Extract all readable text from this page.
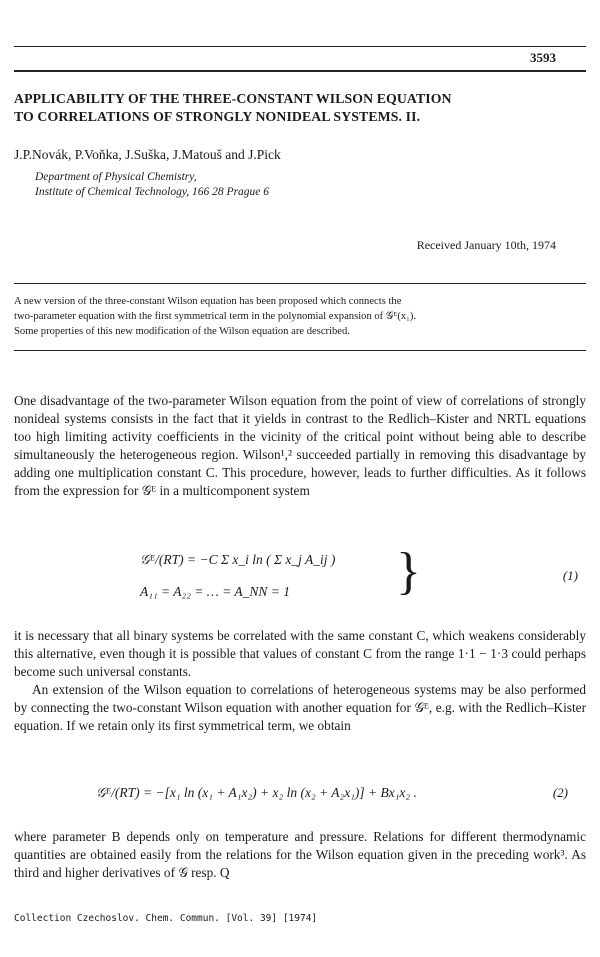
3593
APPLICABILITY OF THE THREE-CONSTANT WILSON EQUATION
TO CORRELATIONS OF STRONGLY NONIDEAL SYSTEMS. II.
J.P.Novák, P.Voňka, J.Suška, J.Matouš and J.Pick
Department of Physical Chemistry,
Institute of Chemical Technology, 166 28 Prague 6
Received January 10th, 1974
A new version of the three-constant Wilson equation has been proposed which connects the
two-parameter equation with the first symmetrical term in the polynomial expansion of 𝒢ᴱ(x₁).
Some properties of this new modification of the Wilson equation are described.
One disadvantage of the two-parameter Wilson equation from the point of view of correlations of strongly nonideal systems consists in the fact that it yields in contrast to the Redlich–Kister and NRTL equations too high limiting activity coefficients in the vicinity of the critical point without being able to describe simultaneously the heterogeneous region. Wilson¹,² succeeded partially in removing this disadvantage by adding one multiplication constant C. This procedure, however, leads to further difficulties. As it follows from the expression for 𝒢ᴱ in a multicomponent system
𝒢ᴱ/(RT) = −C Σ x_i ln ( Σ x_j A_ij )
A₁₁ = A₂₂ = … = A_NN = 1 }	(1)
it is necessary that all binary systems be correlated with the same constant C, which weakens considerably this alternative, even though it is possible that values of constant C from the range 1·1 − 1·3 could perhaps become such universal constants.
An extension of the Wilson equation to correlations of heterogeneous systems may be also performed by connecting the two-constant Wilson equation with another equation for 𝒢ᴱ, e.g. with the Redlich–Kister equation. If we retain only its first symmetrical term, we obtain
𝒢ᴱ/(RT) = −[x₁ ln (x₁ + A₁x₂) + x₂ ln (x₂ + A₂x₁)] + Bx₁x₂ .	(2)
where parameter B depends only on temperature and pressure. Relations for different thermodynamic quantities are obtained easily from the relations for the Wilson equation given in the preceding work³. As third and higher derivatives of 𝒢 resp. Q
Collection Czechoslov. Chem. Commun. [Vol. 39] [1974]
